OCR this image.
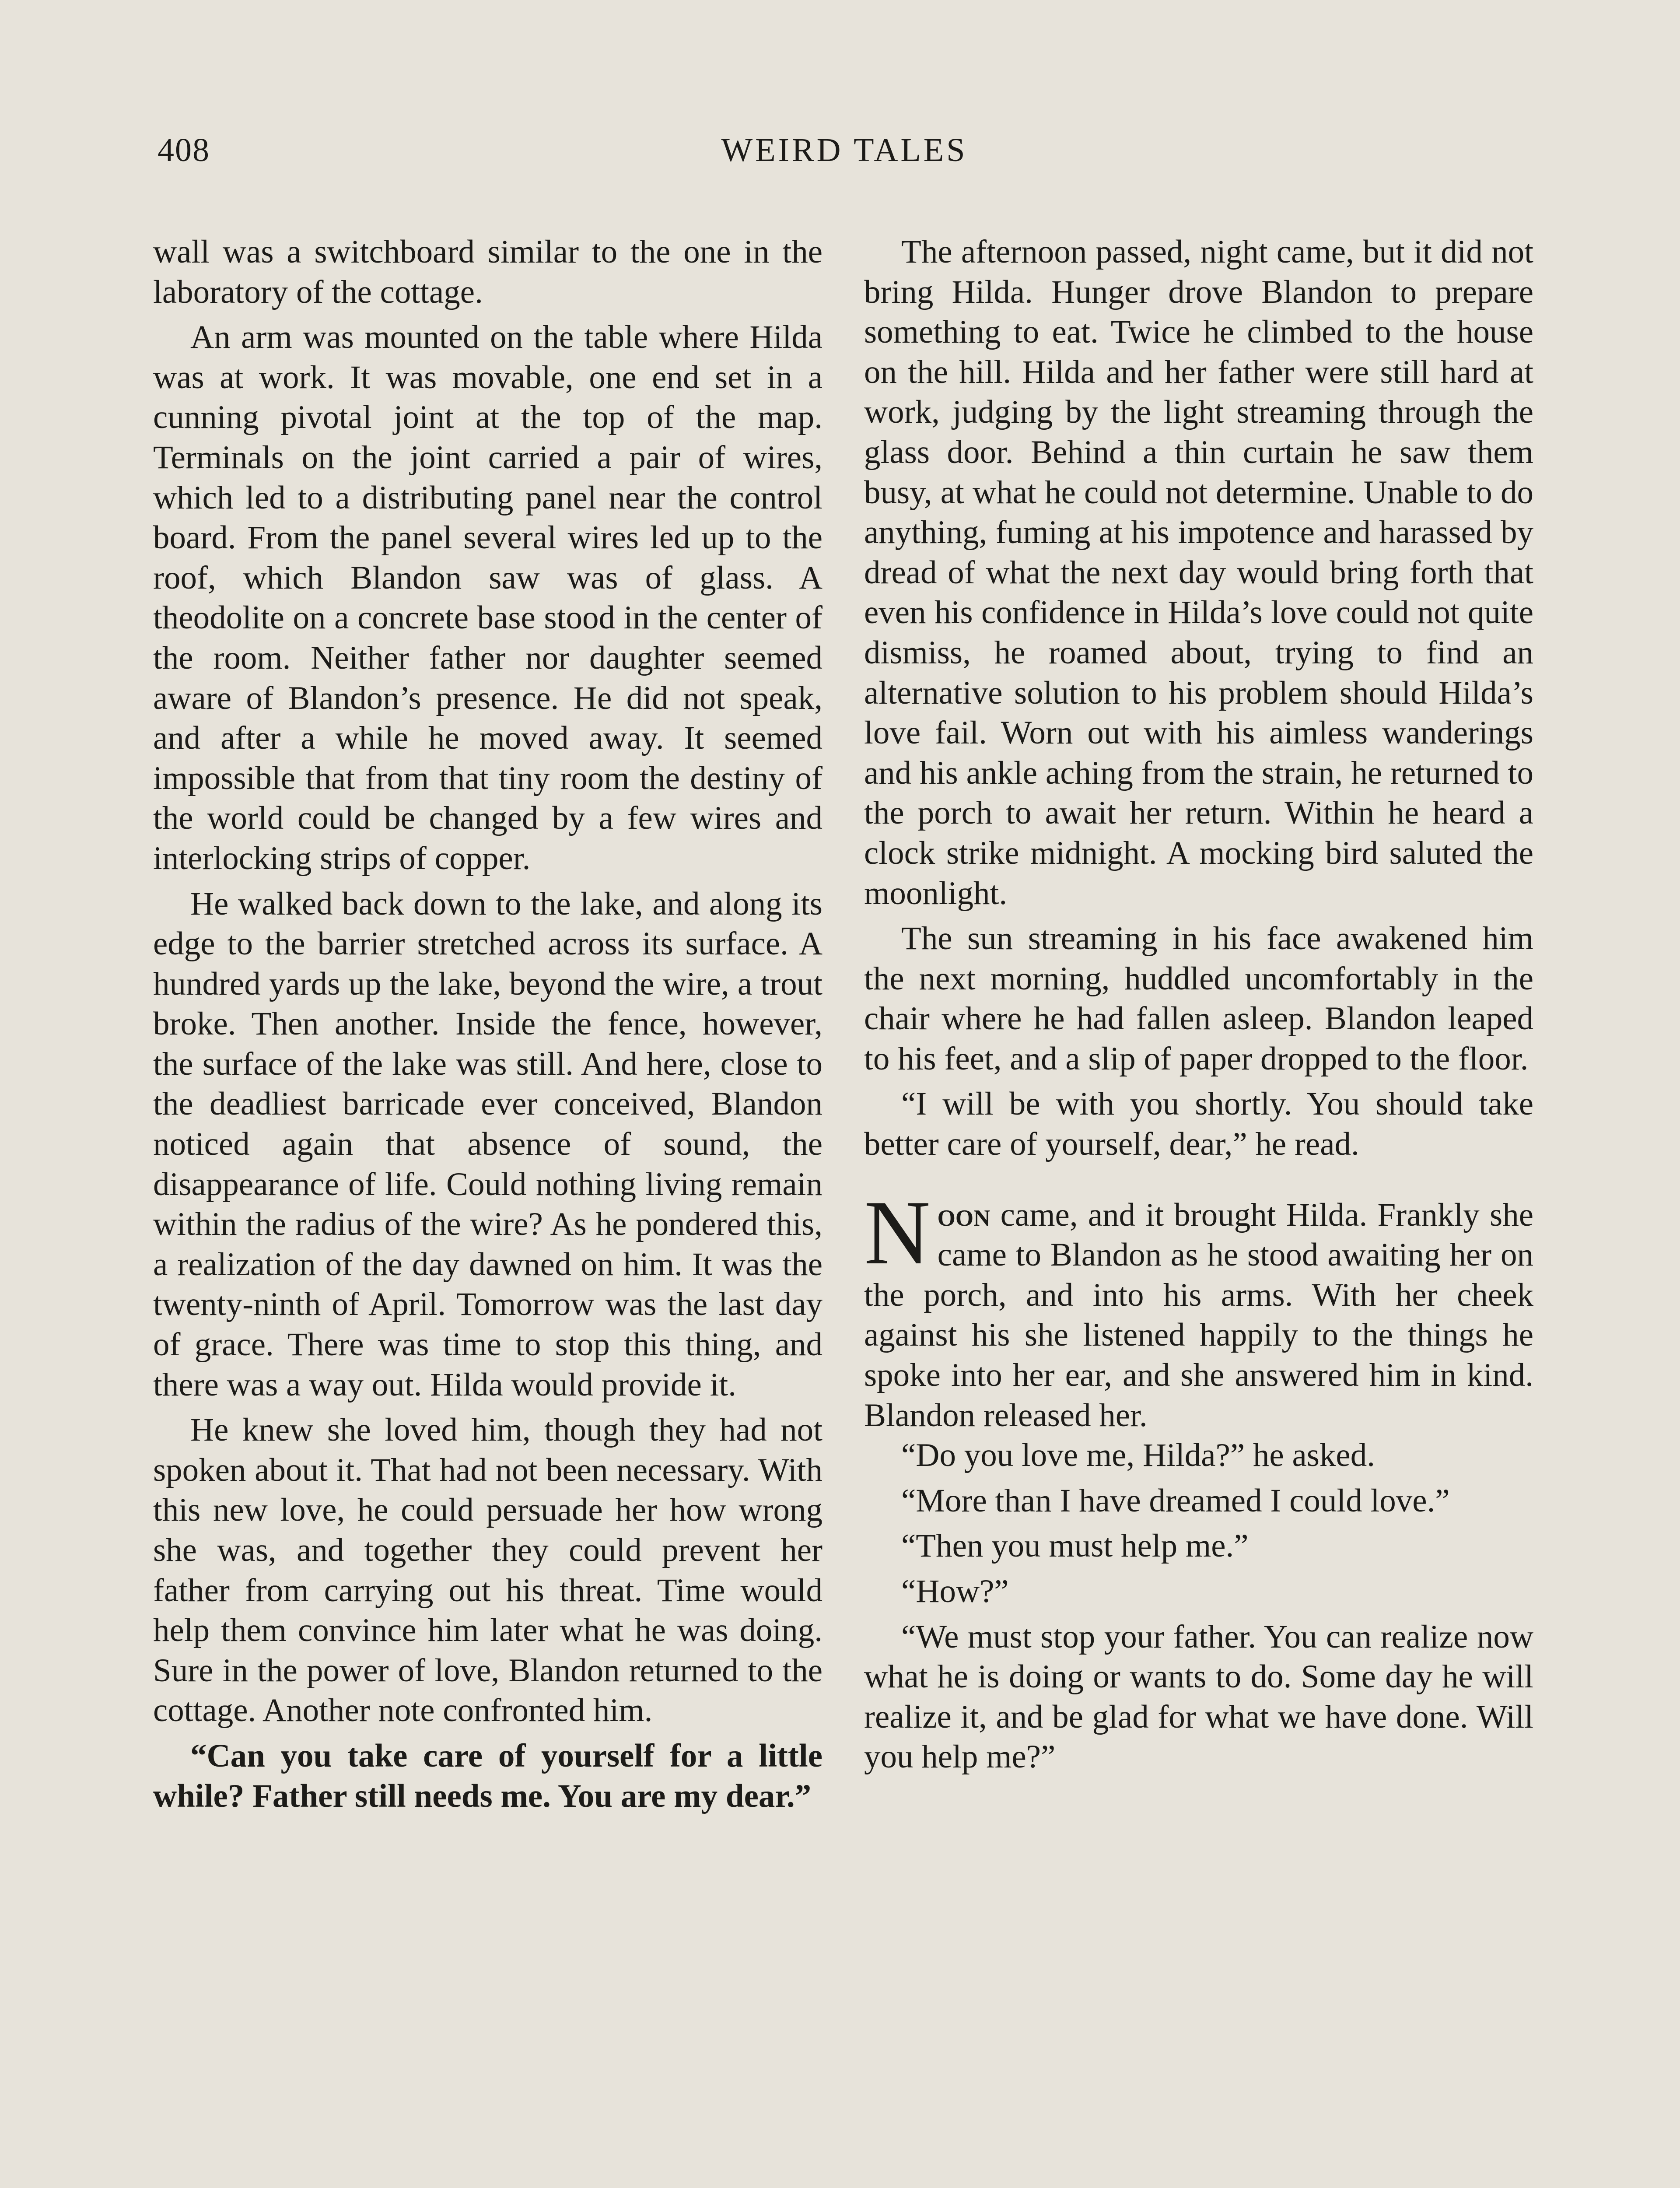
408	WEIRD TALES

wall was a switchboard similar to the one in the laboratory of the cottage.

An arm was mounted on the table where Hilda was at work. It was movable, one end set in a cunning pivotal joint at the top of the map. Terminals on the joint carried a pair of wires, which led to a distributing panel near the control board. From the panel several wires led up to the roof, which Blandon saw was of glass. A theodolite on a concrete base stood in the center of the room. Neither father nor daughter seemed aware of Blandon’s presence. He did not speak, and after a while he moved away. It seemed impossible that from that tiny room the destiny of the world could be changed by a few wires and interlocking strips of copper.

He walked back down to the lake, and along its edge to the barrier stretched across its surface. A hundred yards up the lake, beyond the wire, a trout broke. Then another. Inside the fence, however, the surface of the lake was still. And here, close to the deadliest barricade ever conceived, Blandon noticed again that absence of sound, the disappearance of life. Could nothing living remain within the radius of the wire? As he pondered this, a realization of the day dawned on him. It was the twenty-ninth of April. Tomorrow was the last day of grace. There was time to stop this thing, and there was a way out. Hilda would provide it.

He knew she loved him, though they had not spoken about it. That had not been necessary. With this new love, he could persuade her how wrong she was, and together they could prevent her father from carrying out his threat. Time would help them convince him later what he was doing. Sure in the power of love, Blandon returned to the cottage. Another note confronted him.

“Can you take care of yourself for a little while? Father still needs me. You are my dear.”

The afternoon passed, night came, but it did not bring Hilda. Hunger drove Blandon to prepare something to eat. Twice he climbed to the house on the hill. Hilda and her father were still hard at work, judging by the light streaming through the glass door. Behind a thin curtain he saw them busy, at what he could not determine. Unable to do anything, fuming at his impotence and harassed by dread of what the next day would bring forth that even his confidence in Hilda’s love could not quite dismiss, he roamed about, trying to find an alternative solution to his problem should Hilda’s love fail. Worn out with his aimless wanderings and his ankle aching from the strain, he returned to the porch to await her return. Within he heard a clock strike midnight. A mocking bird saluted the moonlight.

The sun streaming in his face awakened him the next morning, huddled uncomfortably in the chair where he had fallen asleep. Blandon leaped to his feet, and a slip of paper dropped to the floor.

“I will be with you shortly. You should take better care of yourself, dear,” he read.

Noon came, and it brought Hilda. Frankly she came to Blandon as he stood awaiting her on the porch, and into his arms. With her cheek against his she listened happily to the things he spoke into her ear, and she answered him in kind. Blandon released her.

“Do you love me, Hilda?” he asked.

“More than I have dreamed I could love.”

“Then you must help me.”

“How?”

“We must stop your father. You can realize now what he is doing or wants to do. Some day he will realize it, and be glad for what we have done. Will you help me?”
